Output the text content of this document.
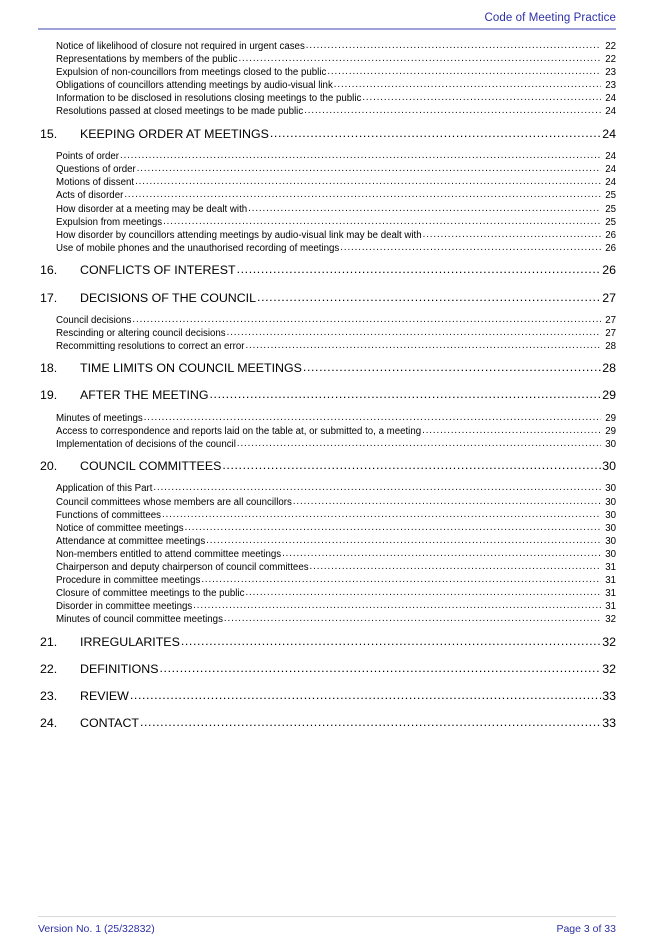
Code of Meeting Practice
Notice of likelihood of closure not required in urgent cases .....	22
Representations by members of the public .....	22
Expulsion of non-councillors from meetings closed to the public .....	23
Obligations of councillors attending meetings by audio-visual link .....	23
Information to be disclosed in resolutions closing meetings to the public .....	24
Resolutions passed at closed meetings to be made public .....	24
15.	KEEPING ORDER AT MEETINGS .....	24
Points of order .....	24
Questions of order .....	24
Motions of dissent .....	24
Acts of disorder .....	25
How disorder at a meeting may be dealt with .....	25
Expulsion from meetings .....	25
How disorder by councillors attending meetings by audio-visual link may be dealt with .....	26
Use of mobile phones and the unauthorised recording of meetings .....	26
16.	CONFLICTS OF INTEREST .....	26
17.	DECISIONS OF THE COUNCIL .....	27
Council decisions .....	27
Rescinding or altering council decisions .....	27
Recommitting resolutions to correct an error .....	28
18.	TIME LIMITS ON COUNCIL MEETINGS .....	28
19.	AFTER THE MEETING .....	29
Minutes of meetings .....	29
Access to correspondence and reports laid on the table at, or submitted to, a meeting .....	29
Implementation of decisions of the council .....	30
20.	COUNCIL COMMITTEES .....	30
Application of this Part .....	30
Council committees whose members are all councillors .....	30
Functions of committees .....	30
Notice of committee meetings .....	30
Attendance at committee meetings .....	30
Non-members entitled to attend committee meetings .....	30
Chairperson and deputy chairperson of council committees .....	31
Procedure in committee meetings .....	31
Closure of committee meetings to the public .....	31
Disorder in committee meetings .....	31
Minutes of council committee meetings .....	32
21.	IRREGULARITES .....	32
22.	DEFINITIONS .....	32
23.	REVIEW .....	33
24.	CONTACT .....	33
Version No. 1 (25/32832)	Page 3 of 33
